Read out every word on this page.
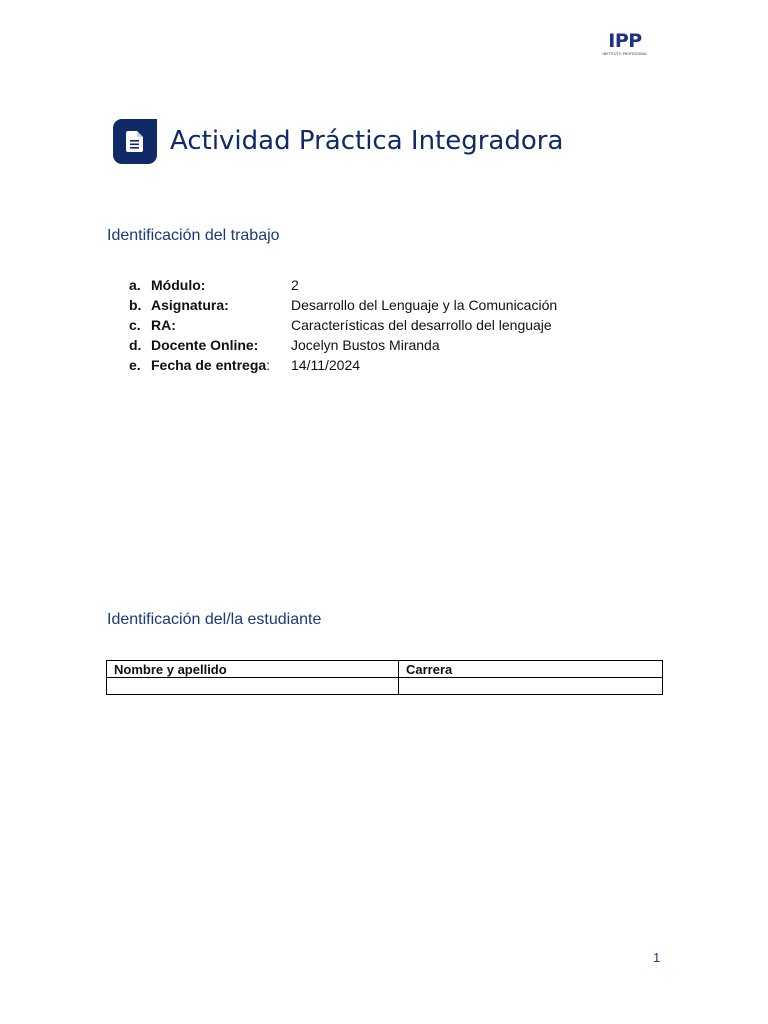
IPP
INSTITUTO PROFESIONAL
Actividad Práctica Integradora
Identificación del trabajo
a. Módulo:	2
b. Asignatura:	Desarrollo del Lenguaje y la Comunicación
c. RA:	Características del desarrollo del lenguaje
d. Docente Online: Jocelyn Bustos Miranda
e. Fecha de entrega: 14/11/2024
Identificación del/la estudiante
Nombre y apellido	Carrera

1
